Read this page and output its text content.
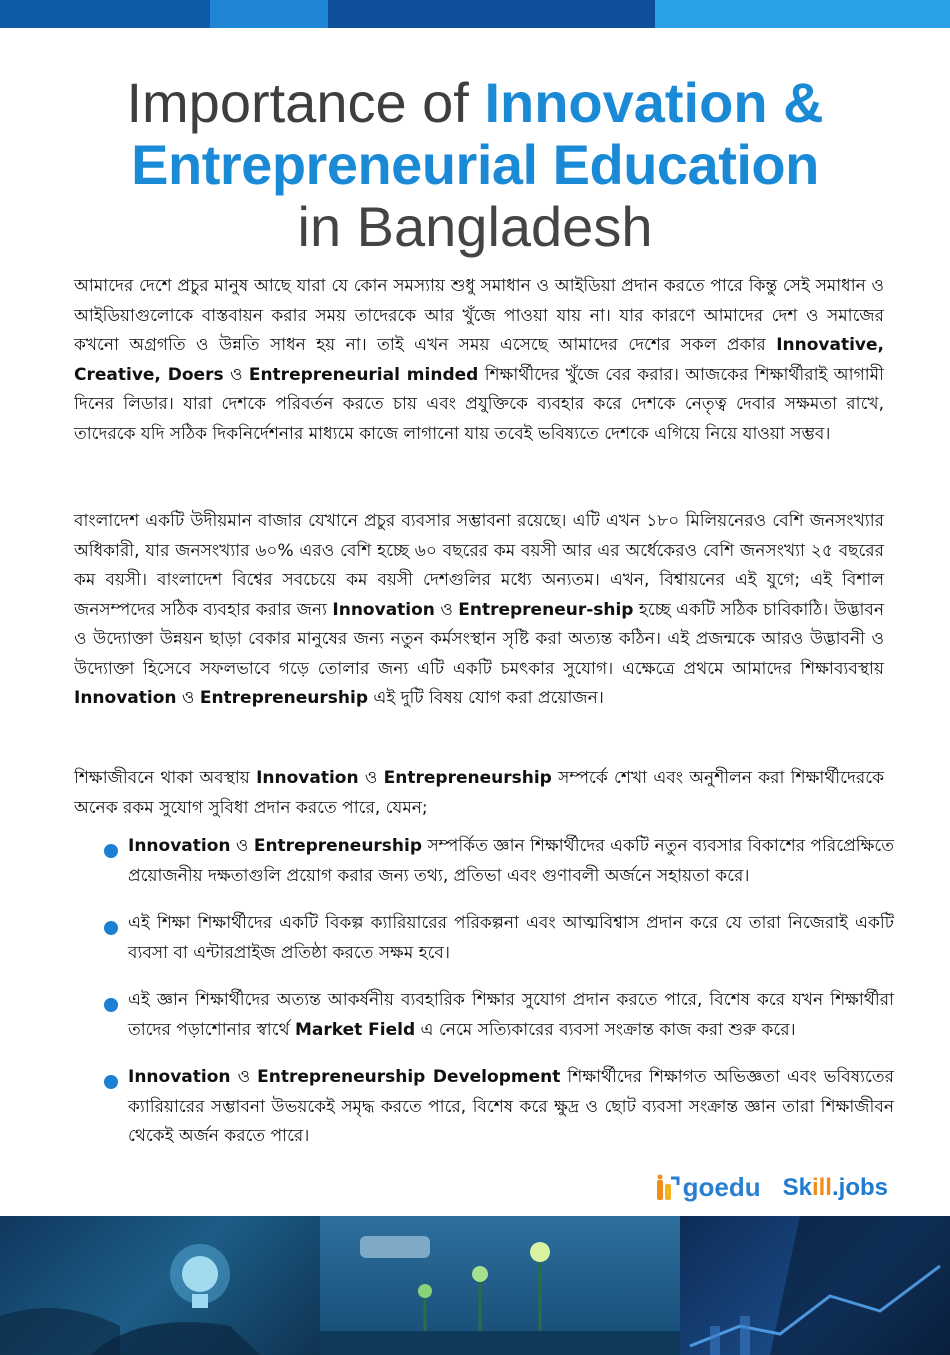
Importance of Innovation &
Entrepreneurial Education
in Bangladesh
আমাদের দেশে প্রচুর মানুষ আছে যারা যে কোন সমস্যায় শুধু সমাধান ও আইডিয়া প্রদান করতে পারে কিন্তু সেই সমাধান ও আইডিয়াগুলোকে বাস্তবায়ন করার সময় তাদেরকে আর খুঁজে পাওয়া যায় না। যার কারণে আমাদের দেশ ও সমাজের কখনো অগ্রগতি ও উন্নতি সাধন হয় না। তাই এখন সময় এসেছে আমাদের দেশের সকল প্রকার Innovative, Creative, Doers ও Entrepreneurial minded শিক্ষার্থীদের খুঁজে বের করার। আজকের শিক্ষার্থীরাই আগামী দিনের লিডার। যারা দেশকে পরিবর্তন করতে চায় এবং প্রযুক্তিকে ব্যবহার করে দেশকে নেতৃত্ব দেবার সক্ষমতা রাখে, তাদেরকে যদি সঠিক দিকনির্দেশনার মাধ্যমে কাজে লাগানো যায় তবেই ভবিষ্যতে দেশকে এগিয়ে নিয়ে যাওয়া সম্ভব।
বাংলাদেশ একটি উদীয়মান বাজার যেখানে প্রচুর ব্যবসার সম্ভাবনা রয়েছে। এটি এখন ১৮০ মিলিয়নেরও বেশি জনসংখ্যার অধিকারী, যার জনসংখ্যার ৬০% এরও বেশি হচ্ছে ৬০ বছরের কম বয়সী আর এর অর্ধেকেরও বেশি জনসংখ্যা ২৫ বছরের কম বয়সী। বাংলাদেশ বিশ্বের সবচেয়ে কম বয়সী দেশগুলির মধ্যে অন্যতম। এখন, বিশ্বায়নের এই যুগে; এই বিশাল জনসম্পদের সঠিক ব্যবহার করার জন্য Innovation ও Entrepreneur-ship হচ্ছে একটি সঠিক চাবিকাঠি। উদ্ভাবন ও উদ্যোক্তা উন্নয়ন ছাড়া বেকার মানুষের জন্য নতুন কর্মসংস্থান সৃষ্টি করা অত্যন্ত কঠিন। এই প্রজন্মকে আরও উদ্ভাবনী ও উদ্যোক্তা হিসেবে সফলভাবে গড়ে তোলার জন্য এটি একটি চমৎকার সুযোগ। এক্ষেত্রে প্রথমে আমাদের শিক্ষাব্যবস্থায় Innovation ও Entrepreneurship এই দুটি বিষয় যোগ করা প্রয়োজন।
শিক্ষাজীবনে থাকা অবস্থায় Innovation ও Entrepreneurship সম্পর্কে শেখা এবং অনুশীলন করা শিক্ষার্থীদেরকে অনেক রকম সুযোগ সুবিধা প্রদান করতে পারে, যেমন;
Innovation ও Entrepreneurship সম্পর্কিত জ্ঞান শিক্ষার্থীদের একটি নতুন ব্যবসার বিকাশের পরিপ্রেক্ষিতে প্রয়োজনীয় দক্ষতাগুলি প্রয়োগ করার জন্য তথ্য, প্রতিভা এবং গুণাবলী অর্জনে সহায়তা করে।
এই শিক্ষা শিক্ষার্থীদের একটি বিকল্প ক্যারিয়ারের পরিকল্পনা এবং আত্মবিশ্বাস প্রদান করে যে তারা নিজেরাই একটি ব্যবসা বা এন্টারপ্রাইজ প্রতিষ্ঠা করতে সক্ষম হবে।
এই জ্ঞান শিক্ষার্থীদের অত্যন্ত আকর্ষনীয় ব্যবহারিক শিক্ষার সুযোগ প্রদান করতে পারে, বিশেষ করে যখন শিক্ষার্থীরা তাদের পড়াশোনার স্বার্থে Market Field এ নেমে সত্যিকারের ব্যবসা সংক্রান্ত কাজ করা শুরু করে।
Innovation ও Entrepreneurship Development শিক্ষার্থীদের শিক্ষাগত অভিজ্ঞতা এবং ভবিষ্যতের ক্যারিয়ারের সম্ভাবনা উভয়কেই সমৃদ্ধ করতে পারে, বিশেষ করে ক্ষুদ্র ও ছোট ব্যবসা সংক্রান্ত জ্ঞান তারা শিক্ষাজীবন থেকেই অর্জন করতে পারে।
goedu Skill.jobs
